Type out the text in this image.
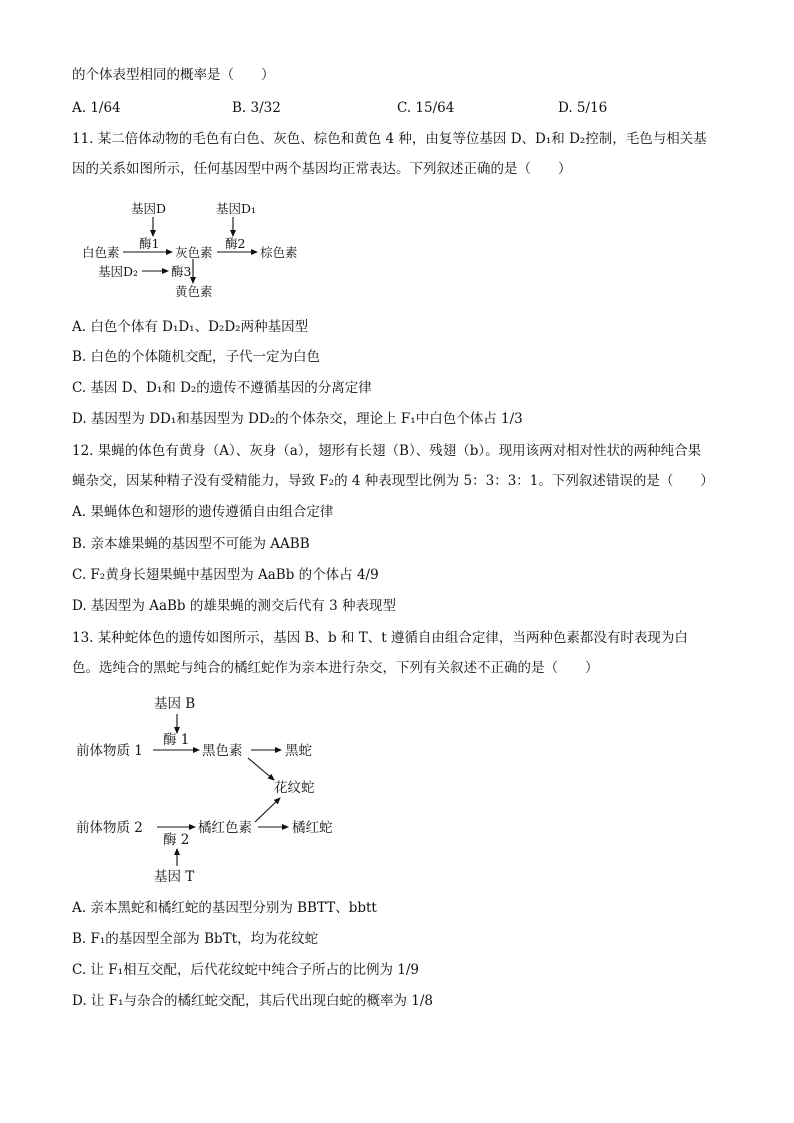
的个体表型相同的概率是（　　）
A. 1/64	B. 3/32	C. 15/64	D. 5/16
11. 某二倍体动物的毛色有白色、灰色、棕色和黄色 4 种，由复等位基因 D、D₁和 D₂控制，毛色与相关基
因的关系如图所示，任何基因型中两个基因均正常表达。下列叙述正确的是（　　）
基因D	基因D₁
白色素
酶1
灰色素
酶2
棕色素
基因D₂	酶3
黄色素
A. 白色个体有 D₁D₁、D₂D₂两种基因型
B. 白色的个体随机交配，子代一定为白色
C. 基因 D、D₁和 D₂的遗传不遵循基因的分离定律
D. 基因型为 DD₁和基因型为 DD₂的个体杂交，理论上 F₁中白色个体占 1/3
12. 果蝇的体色有黄身（A）、灰身（a），翅形有长翅（B）、残翅（b）。现用该两对相对性状的两种纯合果
蝇杂交，因某种精子没有受精能力，导致 F₂的 4 种表现型比例为 5：3：3：1。下列叙述错误的是（　　）
A. 果蝇体色和翅形的遗传遵循自由组合定律
B. 亲本雄果蝇的基因型不可能为 AABB
C. F₂黄身长翅果蝇中基因型为 AaBb 的个体占 4/9
D. 基因型为 AaBb 的雄果蝇的测交后代有 3 种表现型
13. 某种蛇体色的遗传如图所示，基因 B、b 和 T、t 遵循自由组合定律，当两种色素都没有时表现为白
色。选纯合的黑蛇与纯合的橘红蛇作为亲本进行杂交，下列有关叙述不正确的是（　　）
基因 B
酶 1
前体物质 1	黑色素	黑蛇
花纹蛇
前体物质 2	橘红色素	橘红蛇
酶 2
基因 T
A. 亲本黑蛇和橘红蛇的基因型分别为 BBTT、bbtt
B. F₁的基因型全部为 BbTt，均为花纹蛇
C. 让 F₁相互交配，后代花纹蛇中纯合子所占的比例为 1/9
D. 让 F₁与杂合的橘红蛇交配，其后代出现白蛇的概率为 1/8
